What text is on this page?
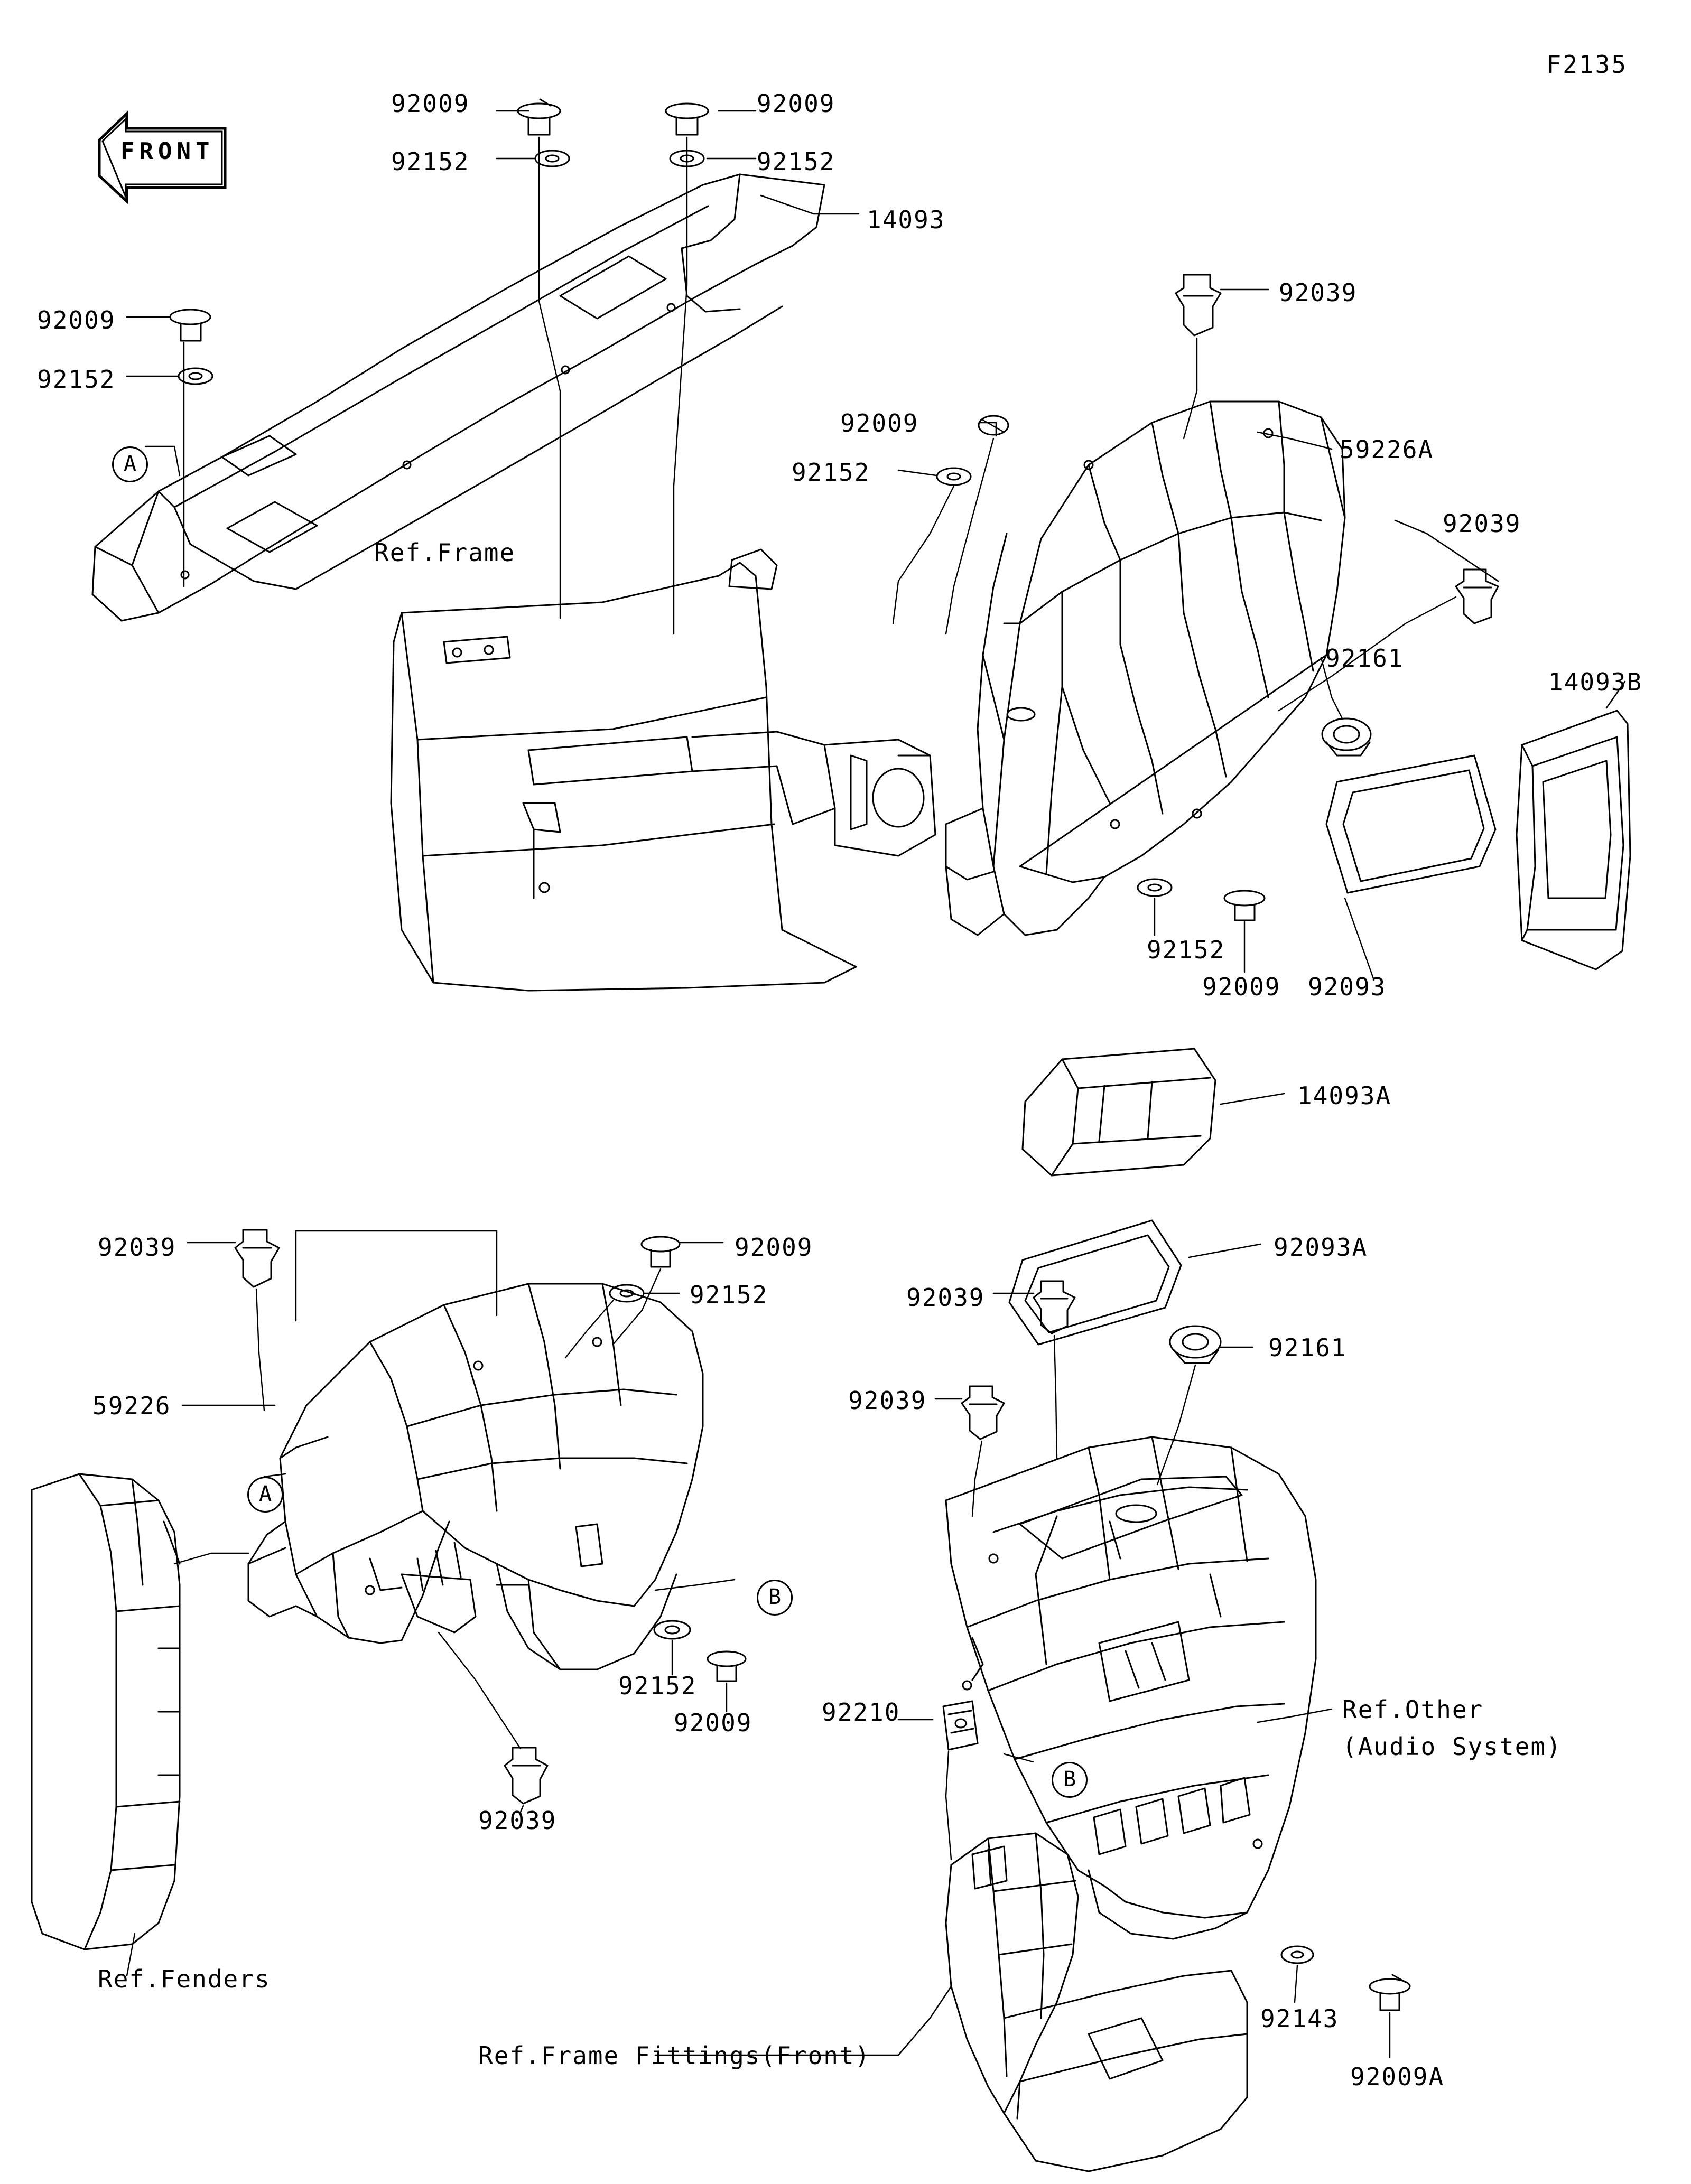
F2135
FRONT
92009	92009
92152	92152
14093
92009
92152
Ref.Frame
92009
92152
92039
59226A
92039
92161
14093B
92152
92009 92093
14093A
92093A
92039
92161
92039
92039	92009
92152
59226
92152
92009
92039
Ref.Fenders
92210	Ref.Other
(Audio System)
92143
92009A
Ref.Frame Fittings(Front)
A
A
B
B
